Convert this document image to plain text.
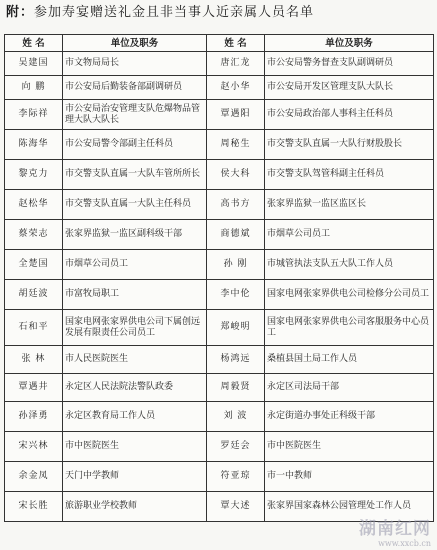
附：参加寿宴赠送礼金且非当事人近亲属人员名单
姓 名	单位及职务	姓 名	单位及职务
吴建国	市文物局局长	唐汇龙	市公安局警务督查支队副调研员
向 鹏	市公安局后勤装备部副调研员	赵小华	市公安局开发区管理支队大队长
李际祥	市公安局治安管理支队危爆物品管理大队大队长	覃遇阳	市公安局政治部人事科主任科员
陈海华	市公安局警令部副主任科员	周秘生	市交警支队直属一大队行财股股长
黎克力	市交警支队直属一大队车管所所长	侯大科	市交警支队驾管科副主任科员
赵松华	市交警支队直属一大队主任科员	高书方	张家界监狱一监区监区长
蔡荣志	张家界监狱一监区副科级干部	商德斌	市烟草公司员工
全楚国	市烟草公司员工	孙 刚	市城管执法支队五大队工作人员
胡廷波	市富牧局职工	李中伦	国家电网张家界供电公司检修分公司员工
石和平	国家电网张家界供电公司下属创远发展有限责任公司员工	郑峻明	国家电网张家界供电公司客服服务中心员工
张 林	市人民医院医生	杨鸿远	桑植县国土局工作人员
覃遇井	永定区人民法院法警队政委	周毅贤	永定区司法局干部
孙泽勇	永定区教育局工作人员	刘 波	永定街道办事处正科级干部
宋兴林	市中医院医生	罗廷会	市中医院医生
余金凤	天门中学教师	符亚琼	市一中教师
宋长胜	旅游职业学校教师	覃大述	张家界国家森林公园管理处工作人员
湖南红网
www.xxcb.cn
